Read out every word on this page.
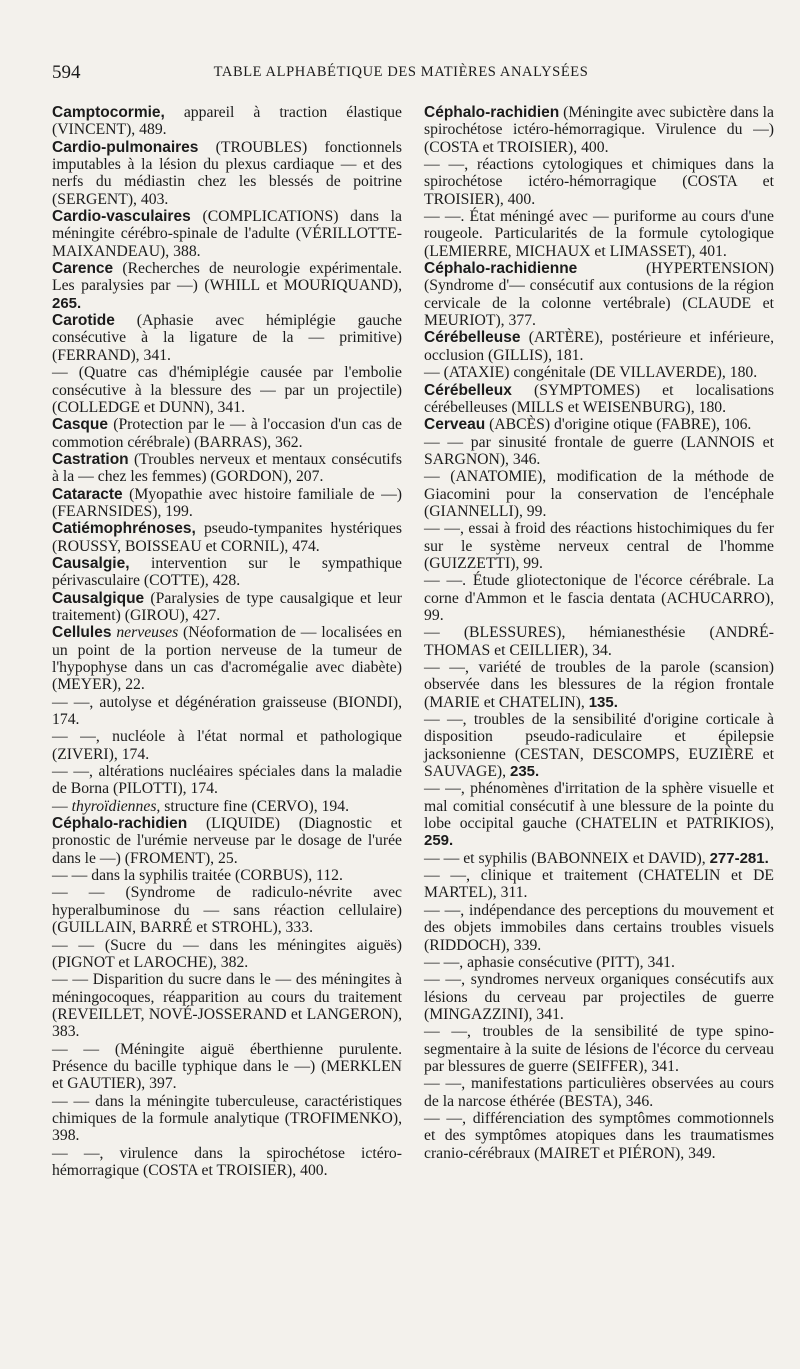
594	TABLE ALPHABÉTIQUE DES MATIÈRES ANALYSÉES

Camptocormie, appareil à traction élastique (VINCENT), 489.

Cardio-pulmonaires (TROUBLES) fonctionnels imputables à la lésion du plexus cardiaque — et des nerfs du médiastin chez les blessés de poitrine (SERGENT), 403.

Cardio-vasculaires (COMPLICATIONS) dans la méningite cérébro-spinale de l'adulte (VÉRILLOTTE-MAIXANDEAU), 388.

Carence (Recherches de neurologie expérimentale. Les paralysies par —) (WHILL et MOURIQUAND), 265.

Carotide (Aphasie avec hémiplégie gauche consécutive à la ligature de la — primitive) (FERRAND), 341.

— (Quatre cas d'hémiplégie causée par l'embolie consécutive à la blessure des — par un projectile) (COLLEDGE et DUNN), 341.

Casque (Protection par le — à l'occasion d'un cas de commotion cérébrale) (BARRAS), 362.

Castration (Troubles nerveux et mentaux consécutifs à la — chez les femmes) (GORDON), 207.

Cataracte (Myopathie avec histoire familiale de —) (FEARNSIDES), 199.

Catiémophrénoses, pseudo-tympanites hystériques (ROUSSY, BOISSEAU et CORNIL), 474.

Causalgie, intervention sur le sympathique périvasculaire (COTTE), 428.

Causalgique (Paralysies de type causalgique et leur traitement) (GIROU), 427.

Cellules nerveuses (Néoformation de — localisées en un point de la portion nerveuse de la tumeur de l'hypophyse dans un cas d'acromégalie avec diabète) (MEYER), 22.

— —, autolyse et dégénération graisseuse (BIONDI), 174.

— —, nucléole à l'état normal et pathologique (ZIVERI), 174.

— —, altérations nucléaires spéciales dans la maladie de Borna (PILOTTI), 174.

— thyroïdiennes, structure fine (CERVO), 194.

Céphalo-rachidien (LIQUIDE) (Diagnostic et pronostic de l'urémie nerveuse par le dosage de l'urée dans le —) (FROMENT), 25.

— — dans la syphilis traitée (CORBUS), 112.

— — (Syndrome de radiculo-névrite avec hyperalbuminose du — sans réaction cellulaire) (GUILLAIN, BARRÉ et STROHL), 333.

— — (Sucre du — dans les méningites aiguës) (PIGNOT et LAROCHE), 382.

— — Disparition du sucre dans le — des méningites à méningocoques, réapparition au cours du traitement (REVEILLET, NOVÉ-JOSSERAND et LANGERON), 383.

— — (Méningite aiguë éberthienne purulente. Présence du bacille typhique dans le —) (MERKLEN et GAUTIER), 397.

— — dans la méningite tuberculeuse, caractéristiques chimiques de la formule analytique (TROFIMENKO), 398.

— —, virulence dans la spirochétose ictéro-hémorragique (COSTA et TROISIER), 400.

Céphalo-rachidien (Méningite avec subictère dans la spirochétose ictéro-hémorragique. Virulence du —) (COSTA et TROISIER), 400.

— —, réactions cytologiques et chimiques dans la spirochétose ictéro-hémorragique (COSTA et TROISIER), 400.

— —. État méningé avec — puriforme au cours d'une rougeole. Particularités de la formule cytologique (LEMIERRE, MICHAUX et LIMASSET), 401.

Céphalo-rachidienne (HYPERTENSION) (Syndrome d'— consécutif aux contusions de la région cervicale de la colonne vertébrale) (CLAUDE et MEURIOT), 377.

Cérébelleuse (ARTÈRE), postérieure et inférieure, occlusion (GILLIS), 181.

— (ATAXIE) congénitale (DE VILLAVERDE), 180.

Cérébelleux (SYMPTOMES) et localisations cérébelleuses (MILLS et WEISENBURG), 180.

Cerveau (ABCÈS) d'origine otique (FABRE), 106.

— — par sinusité frontale de guerre (LANNOIS et SARGNON), 346.

— (ANATOMIE), modification de la méthode de Giacomini pour la conservation de l'encéphale (GIANNELLI), 99.

— —, essai à froid des réactions histochimiques du fer sur le système nerveux central de l'homme (GUIZZETTI), 99.

— —. Étude gliotectonique de l'écorce cérébrale. La corne d'Ammon et le fascia dentata (ACHUCARRO), 99.

— (BLESSURES), hémianesthésie (ANDRÉ-THOMAS et CEILLIER), 34.

— —, variété de troubles de la parole (scansion) observée dans les blessures de la région frontale (MARIE et CHATELIN), 135.

— —, troubles de la sensibilité d'origine corticale à disposition pseudo-radiculaire et épilepsie jacksonienne (CESTAN, DESCOMPS, EUZIÈRE et SAUVAGE), 235.

— —, phénomènes d'irritation de la sphère visuelle et mal comitial consécutif à une blessure de la pointe du lobe occipital gauche (CHATELIN et PATRIKIOS), 259.

— — et syphilis (BABONNEIX et DAVID), 277-281.

— —, clinique et traitement (CHATELIN et DE MARTEL), 311.

— —, indépendance des perceptions du mouvement et des objets immobiles dans certains troubles visuels (RIDDOCH), 339.

— —, aphasie consécutive (PITT), 341.

— —, syndromes nerveux organiques consécutifs aux lésions du cerveau par projectiles de guerre (MINGAZZINI), 341.

— —, troubles de la sensibilité de type spino-segmentaire à la suite de lésions de l'écorce du cerveau par blessures de guerre (SEIFFER), 341.

— —, manifestations particulières observées au cours de la narcose éthérée (BESTA), 346.

— —, différenciation des symptômes commotionnels et des symptômes atopiques dans les traumatismes cranio-cérébraux (MAIRET et PIÉRON), 349.
